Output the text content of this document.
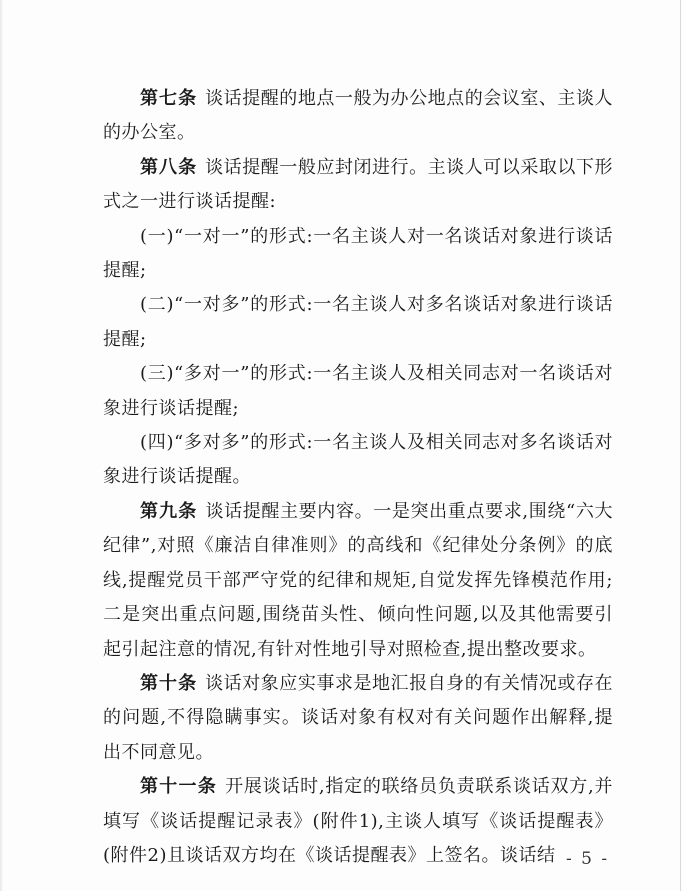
第七条 谈话提醒的地点一般为办公地点的会议室、主谈人的办公室。

第八条 谈话提醒一般应封闭进行。主谈人可以采取以下形式之一进行谈话提醒:

(一)“一对一”的形式:一名主谈人对一名谈话对象进行谈话提醒;

(二)“一对多”的形式:一名主谈人对多名谈话对象进行谈话提醒;

(三)“多对一”的形式:一名主谈人及相关同志对一名谈话对象进行谈话提醒;

(四)“多对多”的形式:一名主谈人及相关同志对多名谈话对象进行谈话提醒。

第九条 谈话提醒主要内容。一是突出重点要求,围绕“六大纪律”,对照《廉洁自律准则》的高线和《纪律处分条例》的底线,提醒党员干部严守党的纪律和规矩,自觉发挥先锋模范作用;二是突出重点问题,围绕苗头性、倾向性问题,以及其他需要引起引起注意的情况,有针对性地引导对照检查,提出整改要求。

第十条 谈话对象应实事求是地汇报自身的有关情况或存在的问题,不得隐瞒事实。谈话对象有权对有关问题作出解释,提出不同意见。

第十一条 开展谈话时,指定的联络员负责联系谈话双方,并填写《谈话提醒记录表》(附件1),主谈人填写《谈话提醒表》(附件2)且谈话双方均在《谈话提醒表》上签名。谈话结 - 5 -
